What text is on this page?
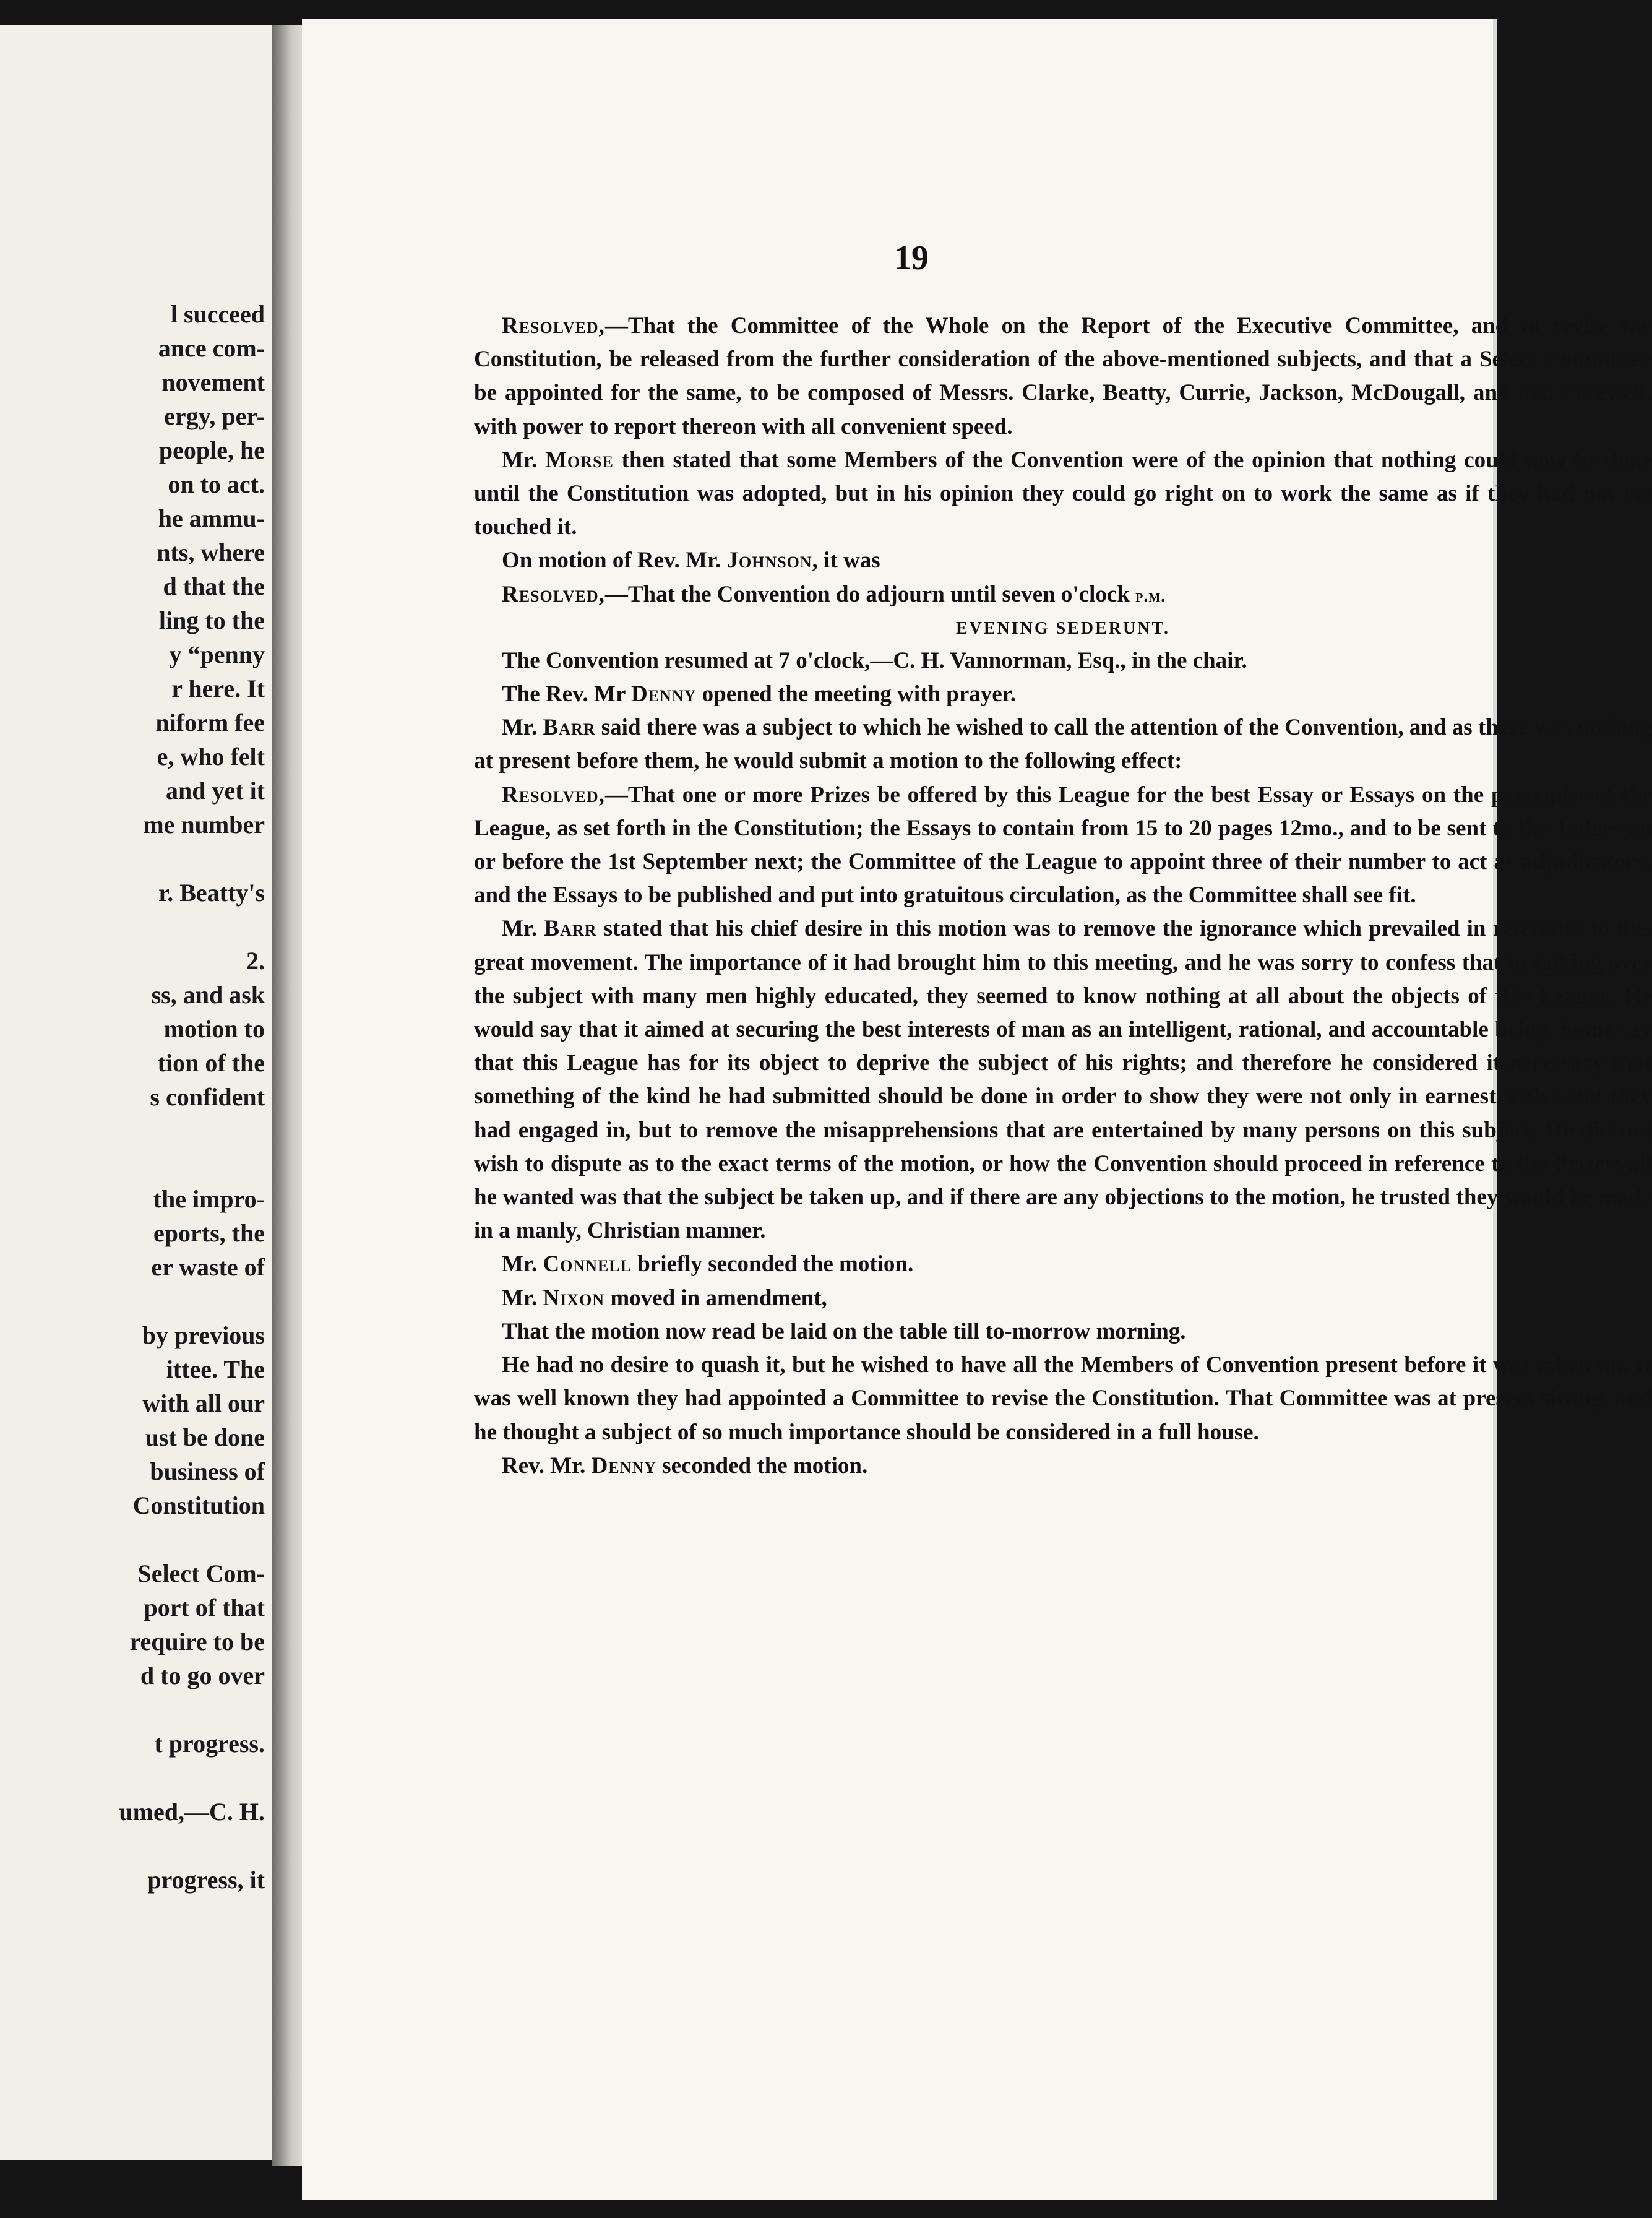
l succeed
ance com-
novement
ergy, per-
people, he
on to act.
he ammu-
nts, where
d that the
ling to the
y “penny
r here. It
niform fee
e, who felt
and yet it
me number
r. Beatty's
2.
ss, and ask
motion to
tion of the
s confident
the impro-
eports, the
er waste of
by previous
ittee. The
with all our
ust be done
business of
Constitution
Select Com-
port of that
require to be
d to go over
t progress.
umed,—C. H.
progress, it
19

Resolved,—That the Committee of the Whole on the Report of the Executive Committee, and to revise the Constitution, be released from the further consideration of the above-mentioned subjects, and that a Select Committee be appointed for the same, to be composed of Messrs. Clarke, Beatty, Currie, Jackson, McDougall, and Mr. Farewell, with power to report thereon with all convenient speed.

Mr. Morse then stated that some Members of the Convention were of the opinion that nothing could now be done until the Constitution was adopted, but in his opinion they could go right on to work the same as if they had not yet touched it.

On motion of Rev. Mr. Johnson, it was

Resolved,—That the Convention do adjourn until seven o'clock p.m.

EVENING SEDERUNT.

The Convention resumed at 7 o'clock,—C. H. Vannorman, Esq., in the chair.

The Rev. Mr Denny opened the meeting with prayer.

Mr. Barr said there was a subject to which he wished to call the attention of the Convention, and as there was nothing at present before them, he would submit a motion to the following effect:

Resolved,—That one or more Prizes be offered by this League for the best Essay or Essays on the principles of the League, as set forth in the Constitution; the Essays to contain from 15 to 20 pages 12mo., and to be sent to the Judges on or before the 1st September next; the Committee of the League to appoint three of their number to act as adjudicators; and the Essays to be published and put into gratuitous circulation, as the Committee shall see fit.

Mr. Barr stated that his chief desire in this motion was to remove the ignorance which prevailed in reference to this great movement. The importance of it had brought him to this meeting, and he was sorry to confess that in talking over the subject with many men highly educated, they seemed to know nothing at all about the objects of this League. He would say that it aimed at securing the best interests of man as an intelligent, rational, and accountable being. Some say that this League has for its object to deprive the subject of his rights; and therefore he considered it necessary that something of the kind he had submitted should be done in order to show they were not only in earnest with what they had engaged in, but to remove the misapprehensions that are entertained by many persons on this subject. He did not wish to dispute as to the exact terms of the motion, or how the Convention should proceed in reference to the Prizes; all he wanted was that the subject be taken up, and if there are any objections to the motion, he trusted they would be made in a manly, Christian manner.

Mr. Connell briefly seconded the motion.

Mr. Nixon moved in amendment,

That the motion now read be laid on the table till to-morrow morning.

He had no desire to quash it, but he wished to have all the Members of Convention present before it was taken up. It was well known they had appointed a Committee to revise the Constitution. That Committee was at present sitting, and he thought a subject of so much importance should be considered in a full house.

Rev. Mr. Denny seconded the motion.
